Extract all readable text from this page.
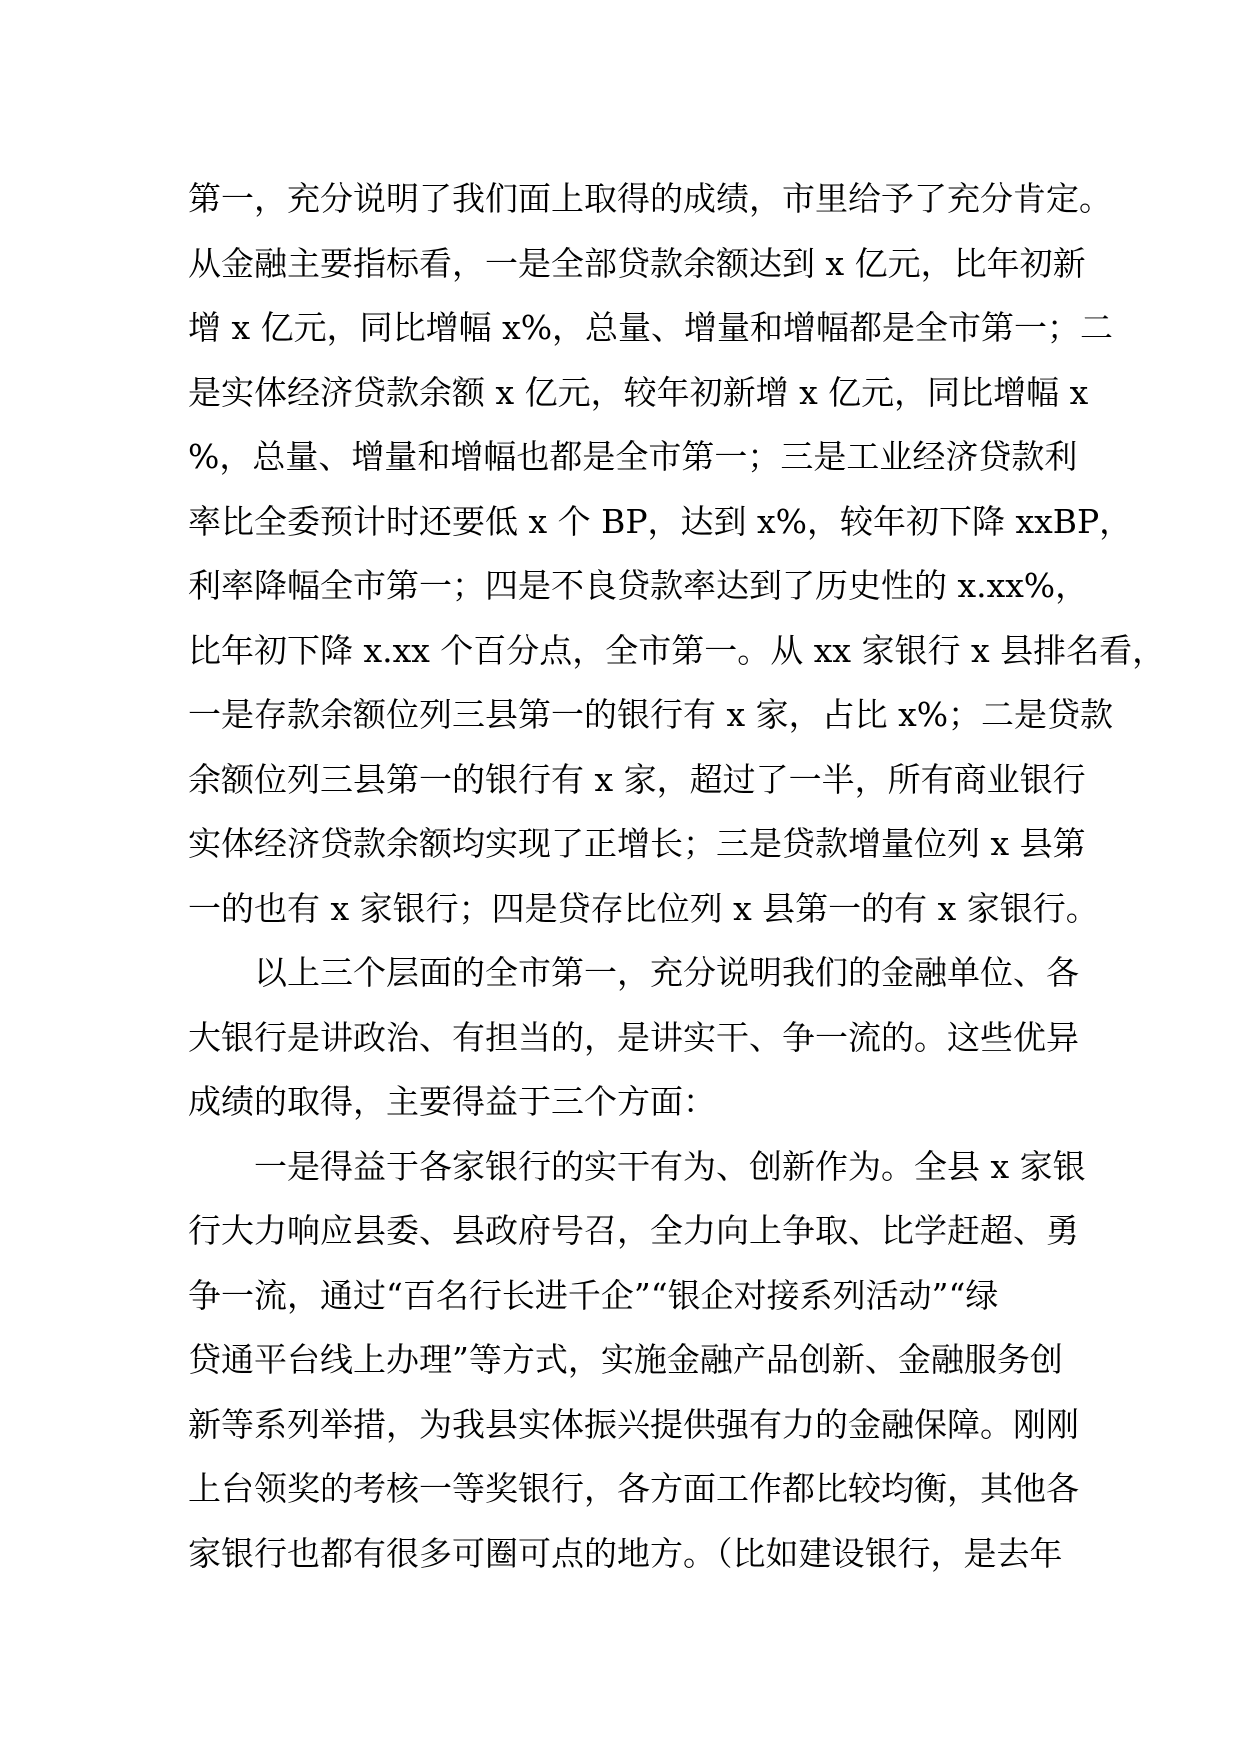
第一，充分说明了我们面上取得的成绩，市里给予了充分肯定。
从金融主要指标看，一是全部贷款余额达到 x 亿元，比年初新
增 x 亿元，同比增幅 x%，总量、增量和增幅都是全市第一；二
是实体经济贷款余额 x 亿元，较年初新增 x 亿元，同比增幅 x
%，总量、增量和增幅也都是全市第一；三是工业经济贷款利
率比全委预计时还要低 x 个 BP，达到 x%，较年初下降 xxBP，
利率降幅全市第一；四是不良贷款率达到了历史性的 x.xx%，
比年初下降 x.xx 个百分点，全市第一。从 xx 家银行 x 县排名看，
一是存款余额位列三县第一的银行有 x 家，占比 x%；二是贷款
余额位列三县第一的银行有 x 家，超过了一半，所有商业银行
实体经济贷款余额均实现了正增长；三是贷款增量位列 x 县第
一的也有 x 家银行；四是贷存比位列 x 县第一的有 x 家银行。
以上三个层面的全市第一，充分说明我们的金融单位、各
大银行是讲政治、有担当的，是讲实干、争一流的。这些优异
成绩的取得，主要得益于三个方面：
一是得益于各家银行的实干有为、创新作为。全县 x 家银
行大力响应县委、县政府号召，全力向上争取、比学赶超、勇
争一流，通过“百名行长进千企”“银企对接系列活动”“绿
贷通平台线上办理”等方式，实施金融产品创新、金融服务创
新等系列举措，为我县实体振兴提供强有力的金融保障。刚刚
上台领奖的考核一等奖银行，各方面工作都比较均衡，其他各
家银行也都有很多可圈可点的地方。（比如建设银行，是去年
